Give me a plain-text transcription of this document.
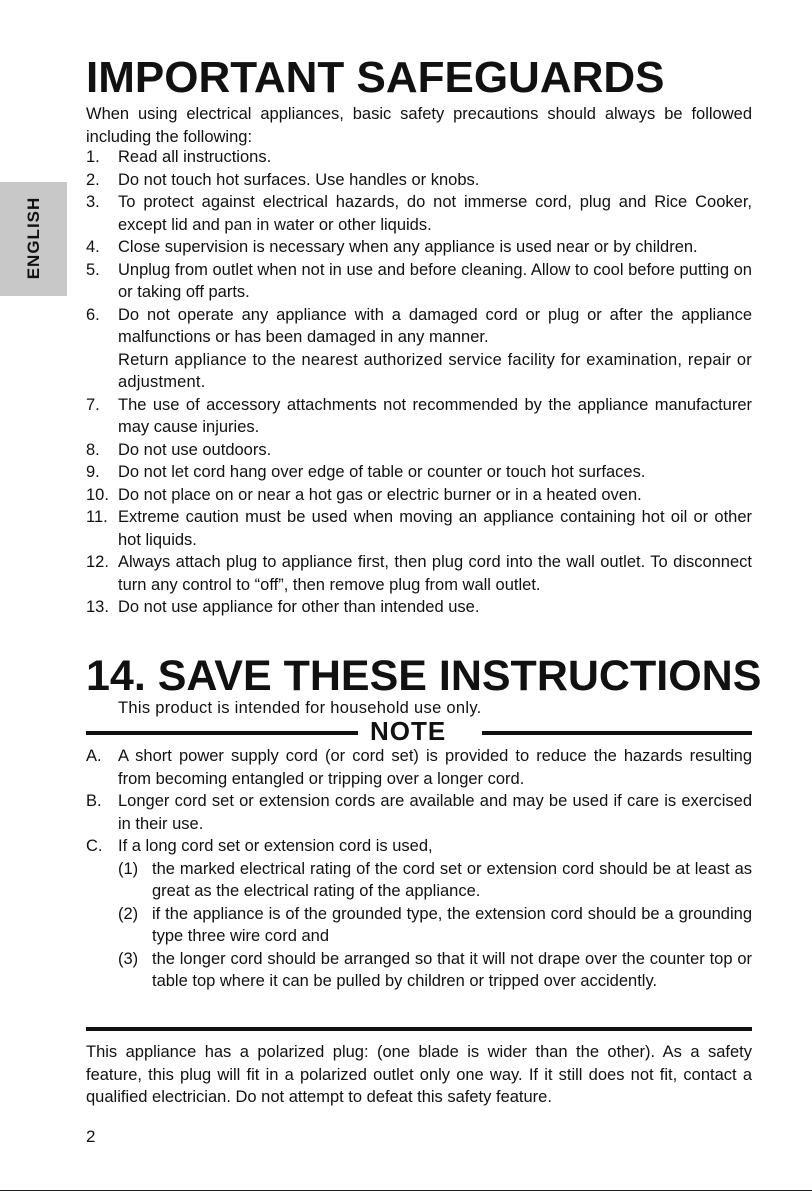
ENGLISH
IMPORTANT SAFEGUARDS

When using electrical appliances, basic safety precautions should always be followed including the following:

1. Read all instructions.
2. Do not touch hot surfaces. Use handles or knobs.
3. To protect against electrical hazards, do not immerse cord, plug and Rice Cooker, except lid and pan in water or other liquids.
4. Close supervision is necessary when any appliance is used near or by children.
5. Unplug from outlet when not in use and before cleaning. Allow to cool before putting on or taking off parts.
6. Do not operate any appliance with a damaged cord or plug or after the appliance malfunctions or has been damaged in any manner.
Return appliance to the nearest authorized service facility for examination, repair or adjustment.
7. The use of accessory attachments not recommended by the appliance manufacturer may cause injuries.
8. Do not use outdoors.
9. Do not let cord hang over edge of table or counter or touch hot surfaces.
10. Do not place on or near a hot gas or electric burner or in a heated oven.
11. Extreme caution must be used when moving an appliance containing hot oil or other hot liquids.
12. Always attach plug to appliance first, then plug cord into the wall outlet. To disconnect turn any control to “off”, then remove plug from wall outlet.
13. Do not use appliance for other than intended use.
14. SAVE THESE INSTRUCTIONS

This product is intended for household use only.

NOTE
A. A short power supply cord (or cord set) is provided to reduce the hazards resulting from becoming entangled or tripping over a longer cord.
B. Longer cord set or extension cords are available and may be used if care is exercised in their use.
C. If a long cord set or extension cord is used,
(1) the marked electrical rating of the cord set or extension cord should be at least as great as the electrical rating of the appliance.
(2) if the appliance is of the grounded type, the extension cord should be a grounding type three wire cord and
(3) the longer cord should be arranged so that it will not drape over the counter top or table top where it can be pulled by children or tripped over accidently.

This appliance has a polarized plug: (one blade is wider than the other). As a safety feature, this plug will fit in a polarized outlet only one way. If it still does not fit, contact a qualified electrician. Do not attempt to defeat this safety feature.

2
